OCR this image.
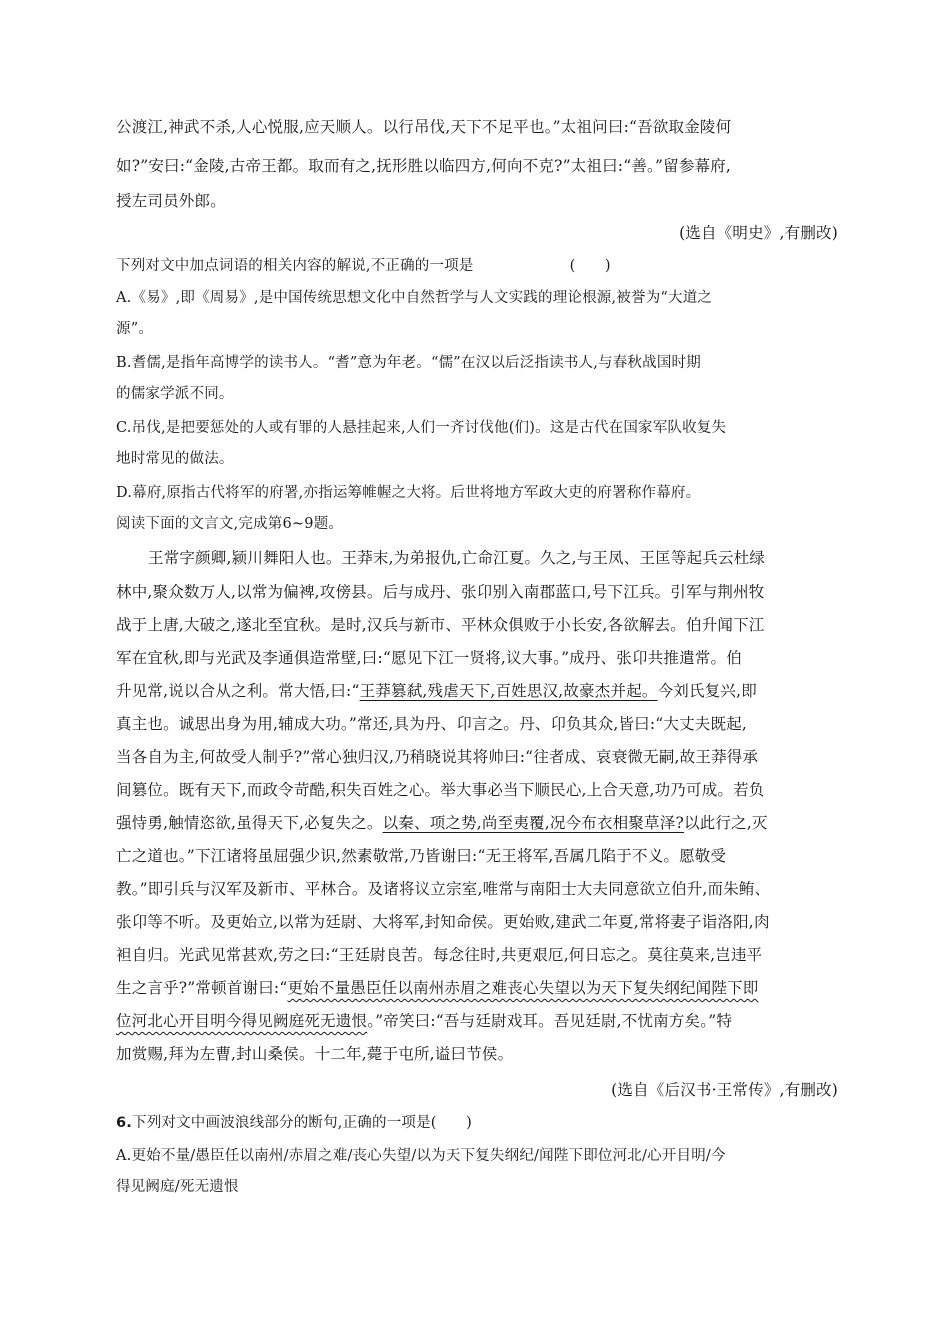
公渡江,神武不杀,人心悦服,应天顺人。以行吊伐,天下不足平也。”太祖问曰:“吾欲取金陵何
如?”安曰:“金陵,古帝王都。取而有之,抚形胜以临四方,何向不克?”太祖曰:“善。”留参幕府,
授左司员外郎。
(选自《明史》,有删改)
下列对文中加点词语的相关内容的解说,不正确的一项是	(　　)
A.《易》,即《周易》,是中国传统思想文化中自然哲学与人文实践的理论根源,被誉为“大道之
源”。
B.耆儒,是指年高博学的读书人。“耆”意为年老。“儒”在汉以后泛指读书人,与春秋战国时期
的儒家学派不同。
C.吊伐,是把要惩处的人或有罪的人悬挂起来,人们一齐讨伐他(们)。这是古代在国家军队收复失
地时常见的做法。
D.幕府,原指古代将军的府署,亦指运筹帷幄之大将。后世将地方军政大吏的府署称作幕府。
阅读下面的文言文,完成第6~9题。
王常字颜卿,颍川舞阳人也。王莽末,为弟报仇,亡命江夏。久之,与王凤、王匡等起兵云杜绿
林中,聚众数万人,以常为偏裨,攻傍县。后与成丹、张卬别入南郡蓝口,号下江兵。引军与荆州牧
战于上唐,大破之,遂北至宜秋。是时,汉兵与新市、平林众俱败于小长安,各欲解去。伯升闻下江
军在宜秋,即与光武及李通俱造常壁,曰:“愿见下江一贤将,议大事。”成丹、张卬共推遣常。伯
升见常,说以合从之利。常大悟,曰:“王莽篡弑,残虐天下,百姓思汉,故豪杰并起。今刘氏复兴,即
真主也。诚思出身为用,辅成大功。”常还,具为丹、卬言之。丹、卬负其众,皆曰:“大丈夫既起,
当各自为主,何故受人制乎?”常心独归汉,乃稍晓说其将帅曰:“往者成、哀衰微无嗣,故王莽得承
间篡位。既有天下,而政令苛酷,积失百姓之心。举大事必当下顺民心,上合天意,功乃可成。若负
强恃勇,触情恣欲,虽得天下,必复失之。以秦、项之势,尚至夷覆,况今布衣相聚草泽?以此行之,灭
亡之道也。”下江诸将虽屈强少识,然素敬常,乃皆谢曰:“无王将军,吾属几陷于不义。愿敬受
教。”即引兵与汉军及新市、平林合。及诸将议立宗室,唯常与南阳士大夫同意欲立伯升,而朱鲔、
张卬等不听。及更始立,以常为廷尉、大将军,封知命侯。更始败,建武二年夏,常将妻子诣洛阳,肉
袒自归。光武见常甚欢,劳之曰:“王廷尉良苦。每念往时,共更艰厄,何日忘之。莫往莫来,岂违平
生之言乎?”常顿首谢曰:“更始不量愚臣任以南州赤眉之难丧心失望以为天下复失纲纪闻陛下即
位河北心开目明今得见阙庭死无遗恨。”帝笑曰:“吾与廷尉戏耳。吾见廷尉,不忧南方矣。”特
加赏赐,拜为左曹,封山桑侯。十二年,薨于屯所,谥曰节侯。
(选自《后汉书·王常传》,有删改)
6.下列对文中画波浪线部分的断句,正确的一项是(　　)
A.更始不量/愚臣任以南州/赤眉之难/丧心失望/以为天下复失纲纪/闻陛下即位河北/心开目明/今
得见阙庭/死无遗恨
